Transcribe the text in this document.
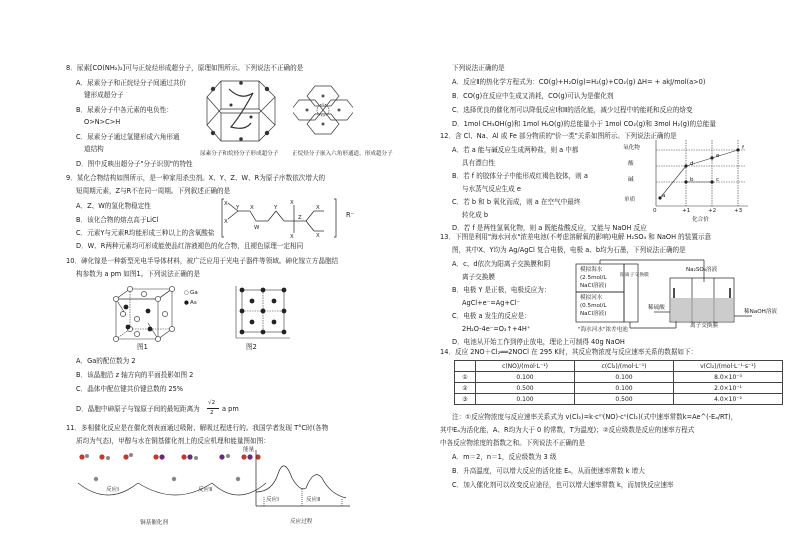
8．尿素[CO(NH₂)₂]可与正烷烃形成超分子，原理如图所示。下列说法不正确的是
A．尿素分子和正烷烃分子间通过共价
键形成超分子
B．尿素分子中各元素的电负性：
O>N>C>H
C．尿素分子通过氢键形成六角形通
道结构
D．图中反映出超分子"分子识别"的特性
尿素分子和烷烃分子形成超分子 正烷烃分子嵌入六角形通道，形成超分子
9．某化合物结构如图所示，是一种家用杀虫剂。X、Y、Z、W、R为原子序数依次增大的
短周期元素，Z与R不在同一周期。下列叙述正确的是
A．Z、W的氢化物稳定性
B．该化合物的熔点高于LiCl
C．元素Y与元素R均能形成三种以上的含氧酸盐
D．W、R两种元素均可形成能使品红溶液褪色的化合物，且褪色原理一定相同
X
X
Y X
W
Y
X
X
Z
X
X
R⁻
10．砷化镓是一种新型光电半导体材料，被广泛应用于光电子器件等领域。砷化镓立方晶胞结
构参数为 a pm 如图1。下列说法正确的是
○ Ga
● As
图1	图2
A．Ga的配位数为 2
B．该晶胞沿 z 轴方向的平面投影如图 2
C．晶体中配位键共价键总数的 25%
D．晶胞中砷原子与镓原子间的最短距离为
√2
2 a pm
11．多相催化反应是在催化剂表面通过吸附、解吸过程进行的。我国学者发现 T°C时(各物
质均为气态)，甲醇与水在铜基催化剂上的反应机理和能量图如图：
反应Ⅰ	反应Ⅱ
铜基催化剂
能量
反应Ⅰ	反应Ⅱ
反应过程
下列说法正确的是
A．反应Ⅱ的热化学方程式为：CO(g)+H₂O(g)=H₂(g)+CO₂(g) ΔH= + akJ/mol(a>0)
B．CO(g)在反应中生成又消耗，CO(g)可认为是催化剂
C．选择优良的催化剂可以降低反应Ⅰ和Ⅱ的活化能，减少过程中的能耗和反应的焓变
D．1mol CH₃OH(g)和 1mol H₂O(g)的总能量小于 1mol CO₂(g)和 3mol H₂(g)的总能量
12．含 Cl、Na、Al 或 Fe 部分物质的"价一类"关系如图所示。下列说法正确的是
A．若 a 能与碱反应生成两种盐，则 a 中都
具有漂白性
B．若 f 的胶体分子中能形成红褐色胶体，则 a
与水蒸气反应生成 e
C．若 b 和 b 氧化而成，则 a 在空气中最终
转化成 b
D．若 f 是两性氢氧化物，则 a 既能盐酸反应，又能与 NaOH 反应
氧化物
酸
碱
单质
0	+1	+2	+3
化合价
a
b	c
d
e
f
13．下图是利用"海水河水"浓差电池(不考虑溶解氧的影响)电解 H₂SO₄ 和 NaOH 的装置示意
图，其中X、Y均为 Ag/AgCl 复合电极，电极 a、b均为石墨，下列说法正确的是
A．c、d依次为阳离子交换膜和阴
离子交换膜
B．电极 Y 是正极，电极反应为：
AgCl+e⁻=Ag+Cl⁻
C．电极 a 发生的反应是：
2H₂O-4e⁻=O₂↑+4H⁺
D．电池从开始工作到停止放电，理论上可制得 40g NaOH
模拟海水
(2.5mol/L
NaCl溶液)
模拟河水
(0.5mol/L
NaCl溶液)
阳离子交换膜
"海水河水"浓差电池
Na₂SO₄溶液
稀硫酸
稀NaOH溶液
离子交换膜
14．反应 2NO＋Cl₂══2NOCl 在 295 K时，其反应物浓度与反应速率关系的数据如下：
	c(NO)/(mol·L⁻¹)	c(Cl₂)/(mol·L⁻¹)	v(Cl₂)/(mol·L⁻¹·s⁻¹)
①	0.100	0.100	8.0×10⁻³
②	0.500	0.100	2.0×10⁻¹
③	0.100	0.500	4.0×10⁻²
注：①反应物浓度与反应速率关系式为 v(Cl₂)=k·cᵐ(NO)·cⁿ(Cl₂)(式中速率常数k=Ae^(-Eₐ/RT)，
其中Eₐ为活化能，A、R均为大于 0 的常数，T为温度)；②反应级数是反应的速率方程式
中各反应物浓度的指数之和。下列说法不正确的是
A．m＝2，n＝1，反应级数为 3 级
B．升高温度，可以增大反应的活化能 Eₐ，从而使速率常数 k 增大
C．加入催化剂可以改变反应途径，也可以增大速率常数 k，而加快反应速率
